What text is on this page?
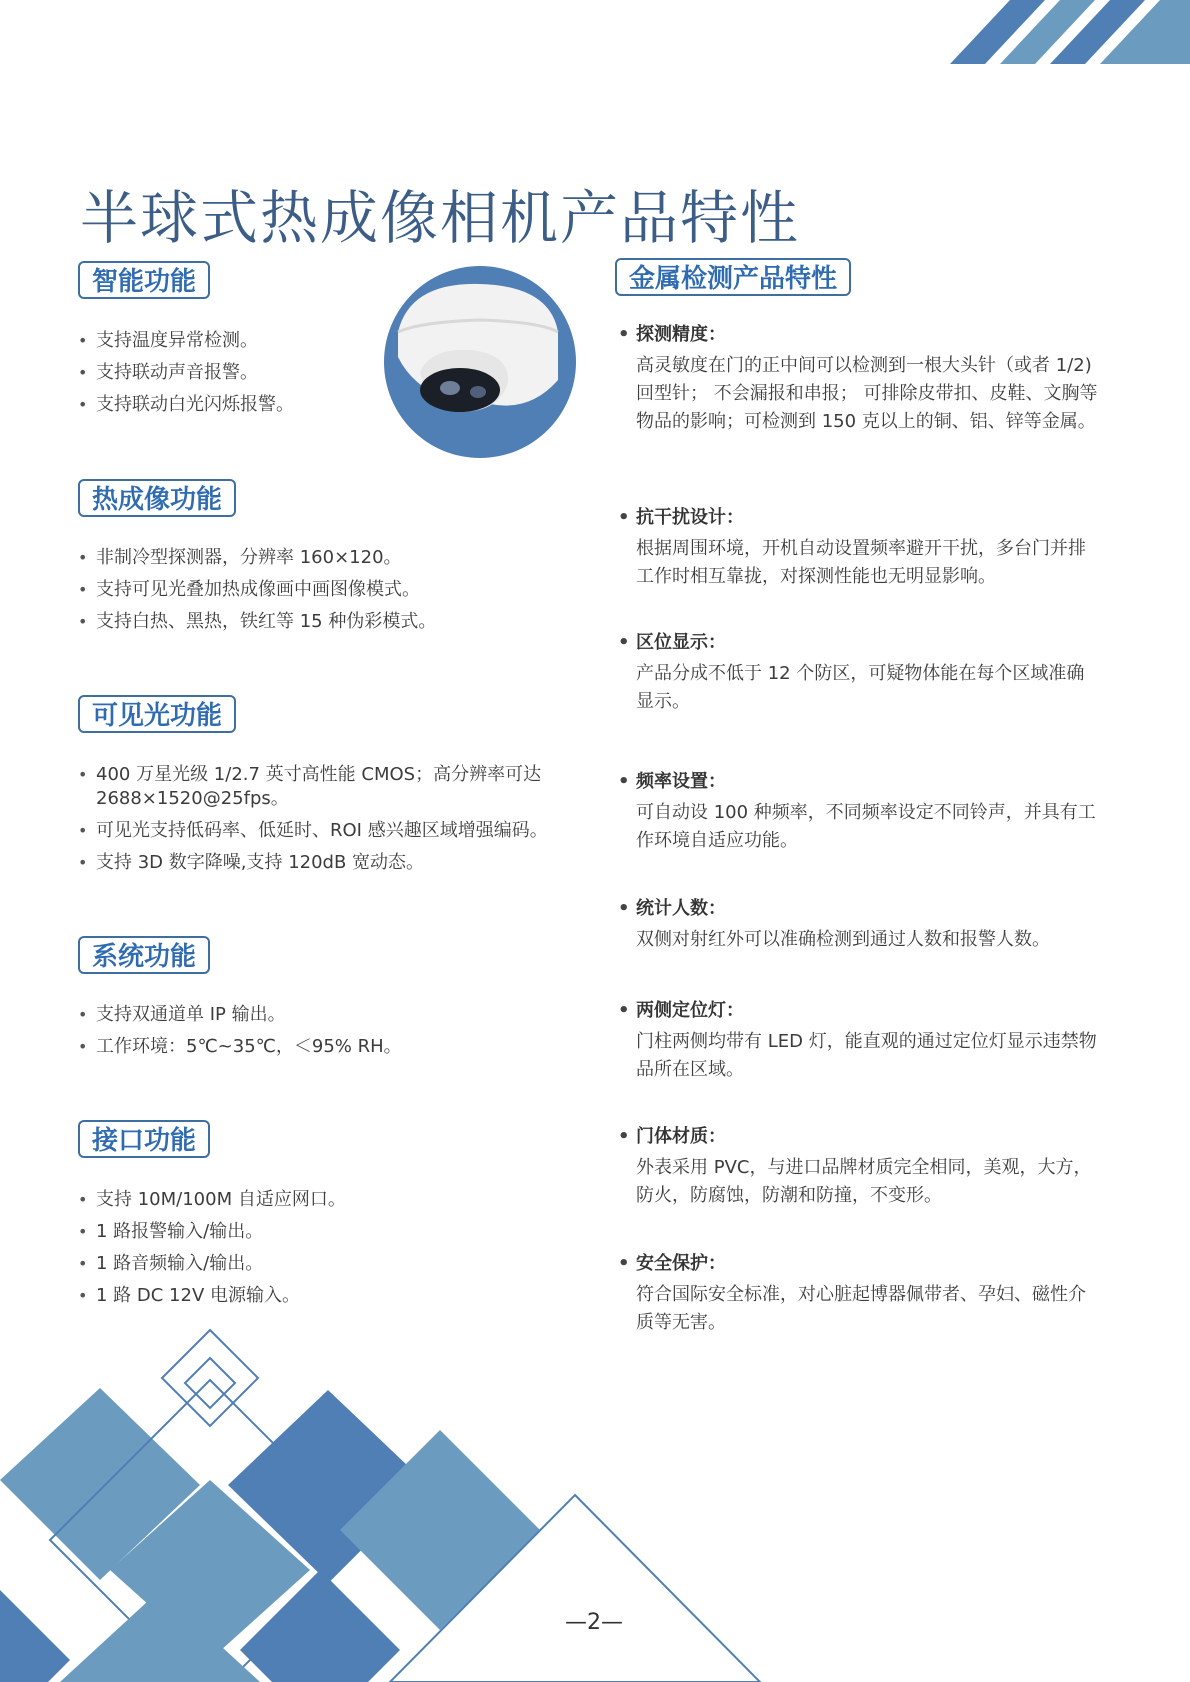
半球式热成像相机产品特性
智能功能
• 支持温度异常检测。
• 支持联动声音报警。
• 支持联动白光闪烁报警。
热成像功能
• 非制冷型探测器，分辨率 160×120。
• 支持可见光叠加热成像画中画图像模式。
• 支持白热、黑热，铁红等 15 种伪彩模式。
可见光功能
• 400 万星光级 1/2.7 英寸高性能 CMOS；高分辨率可达 2688×1520@25fps。
• 可见光支持低码率、低延时、ROI 感兴趣区域增强编码。
• 支持 3D 数字降噪,支持 120dB 宽动态。
系统功能
• 支持双通道单 IP 输出。
• 工作环境：5℃~35℃，＜95% RH。
接口功能
• 支持 10M/100M 自适应网口。
• 1 路报警输入/输出。
• 1 路音频输入/输出。
• 1 路 DC 12V 电源输入。
金属检测产品特性
• 探测精度：
高灵敏度在门的正中间可以检测到一根大头针（或者 1/2) 回型针； 不会漏报和串报； 可排除皮带扣、皮鞋、文胸等物品的影响；可检测到 150 克以上的铜、铝、锌等金属。
• 抗干扰设计：
根据周围环境，开机自动设置频率避开干扰，多台门并排工作时相互靠拢，对探测性能也无明显影响。
• 区位显示：
产品分成不低于 12 个防区，可疑物体能在每个区域准确显示。
• 频率设置：
可自动设 100 种频率，不同频率设定不同铃声，并具有工作环境自适应功能。
• 统计人数：
双侧对射红外可以准确检测到通过人数和报警人数。
• 两侧定位灯：
门柱两侧均带有 LED 灯，能直观的通过定位灯显示违禁物品所在区域。
• 门体材质：
外表采用 PVC，与进口品牌材质完全相同，美观，大方，防火，防腐蚀，防潮和防撞，不变形。
• 安全保护：
符合国际安全标准，对心脏起博器佩带者、孕妇、磁性介质等无害。
—2—
